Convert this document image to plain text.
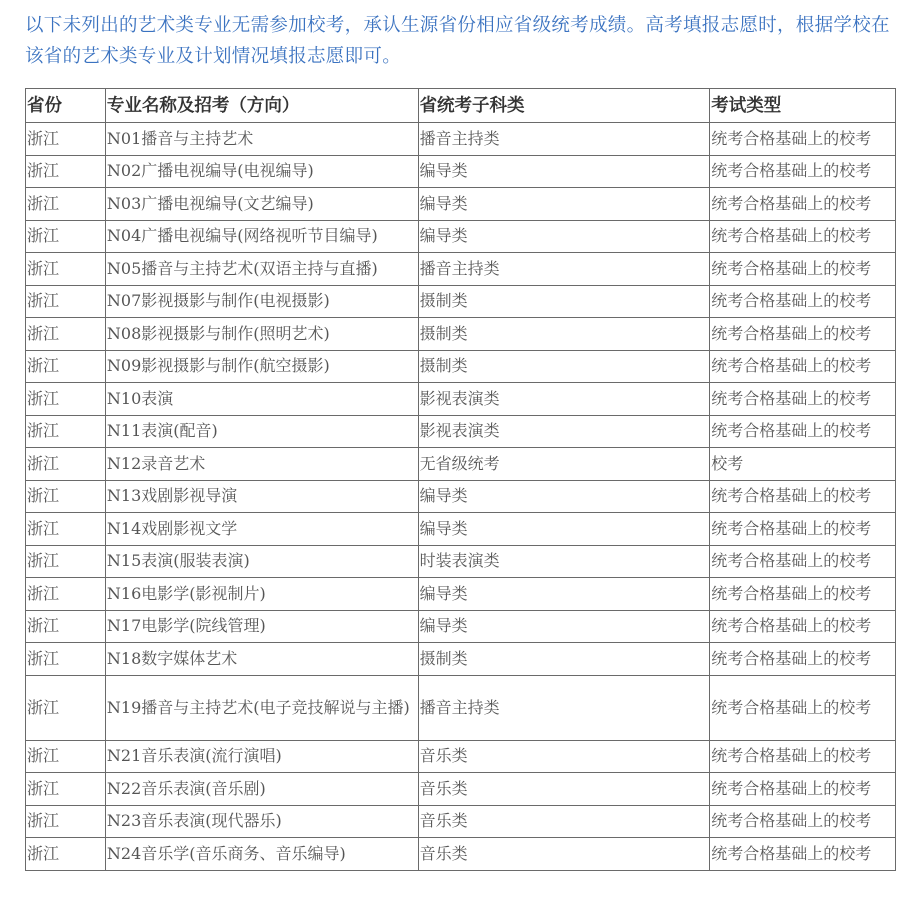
以下未列出的艺术类专业无需参加校考，承认生源省份相应省级统考成绩。高考填报志愿时，根据学校在该省的艺术类专业及计划情况填报志愿即可。
省份	专业名称及招考（方向）	省统考子科类	考试类型
浙江	N01播音与主持艺术	播音主持类	统考合格基础上的校考
浙江	N02广播电视编导(电视编导)	编导类	统考合格基础上的校考
浙江	N03广播电视编导(文艺编导)	编导类	统考合格基础上的校考
浙江	N04广播电视编导(网络视听节目编导)	编导类	统考合格基础上的校考
浙江	N05播音与主持艺术(双语主持与直播)	播音主持类	统考合格基础上的校考
浙江	N07影视摄影与制作(电视摄影)	摄制类	统考合格基础上的校考
浙江	N08影视摄影与制作(照明艺术)	摄制类	统考合格基础上的校考
浙江	N09影视摄影与制作(航空摄影)	摄制类	统考合格基础上的校考
浙江	N10表演	影视表演类	统考合格基础上的校考
浙江	N11表演(配音)	影视表演类	统考合格基础上的校考
浙江	N12录音艺术	无省级统考	校考
浙江	N13戏剧影视导演	编导类	统考合格基础上的校考
浙江	N14戏剧影视文学	编导类	统考合格基础上的校考
浙江	N15表演(服装表演)	时装表演类	统考合格基础上的校考
浙江	N16电影学(影视制片)	编导类	统考合格基础上的校考
浙江	N17电影学(院线管理)	编导类	统考合格基础上的校考
浙江	N18数字媒体艺术	摄制类	统考合格基础上的校考
浙江	N19播音与主持艺术(电子竞技解说与主播)	播音主持类	统考合格基础上的校考
浙江	N21音乐表演(流行演唱)	音乐类	统考合格基础上的校考
浙江	N22音乐表演(音乐剧)	音乐类	统考合格基础上的校考
浙江	N23音乐表演(现代器乐)	音乐类	统考合格基础上的校考
浙江	N24音乐学(音乐商务、音乐编导)	音乐类	统考合格基础上的校考
